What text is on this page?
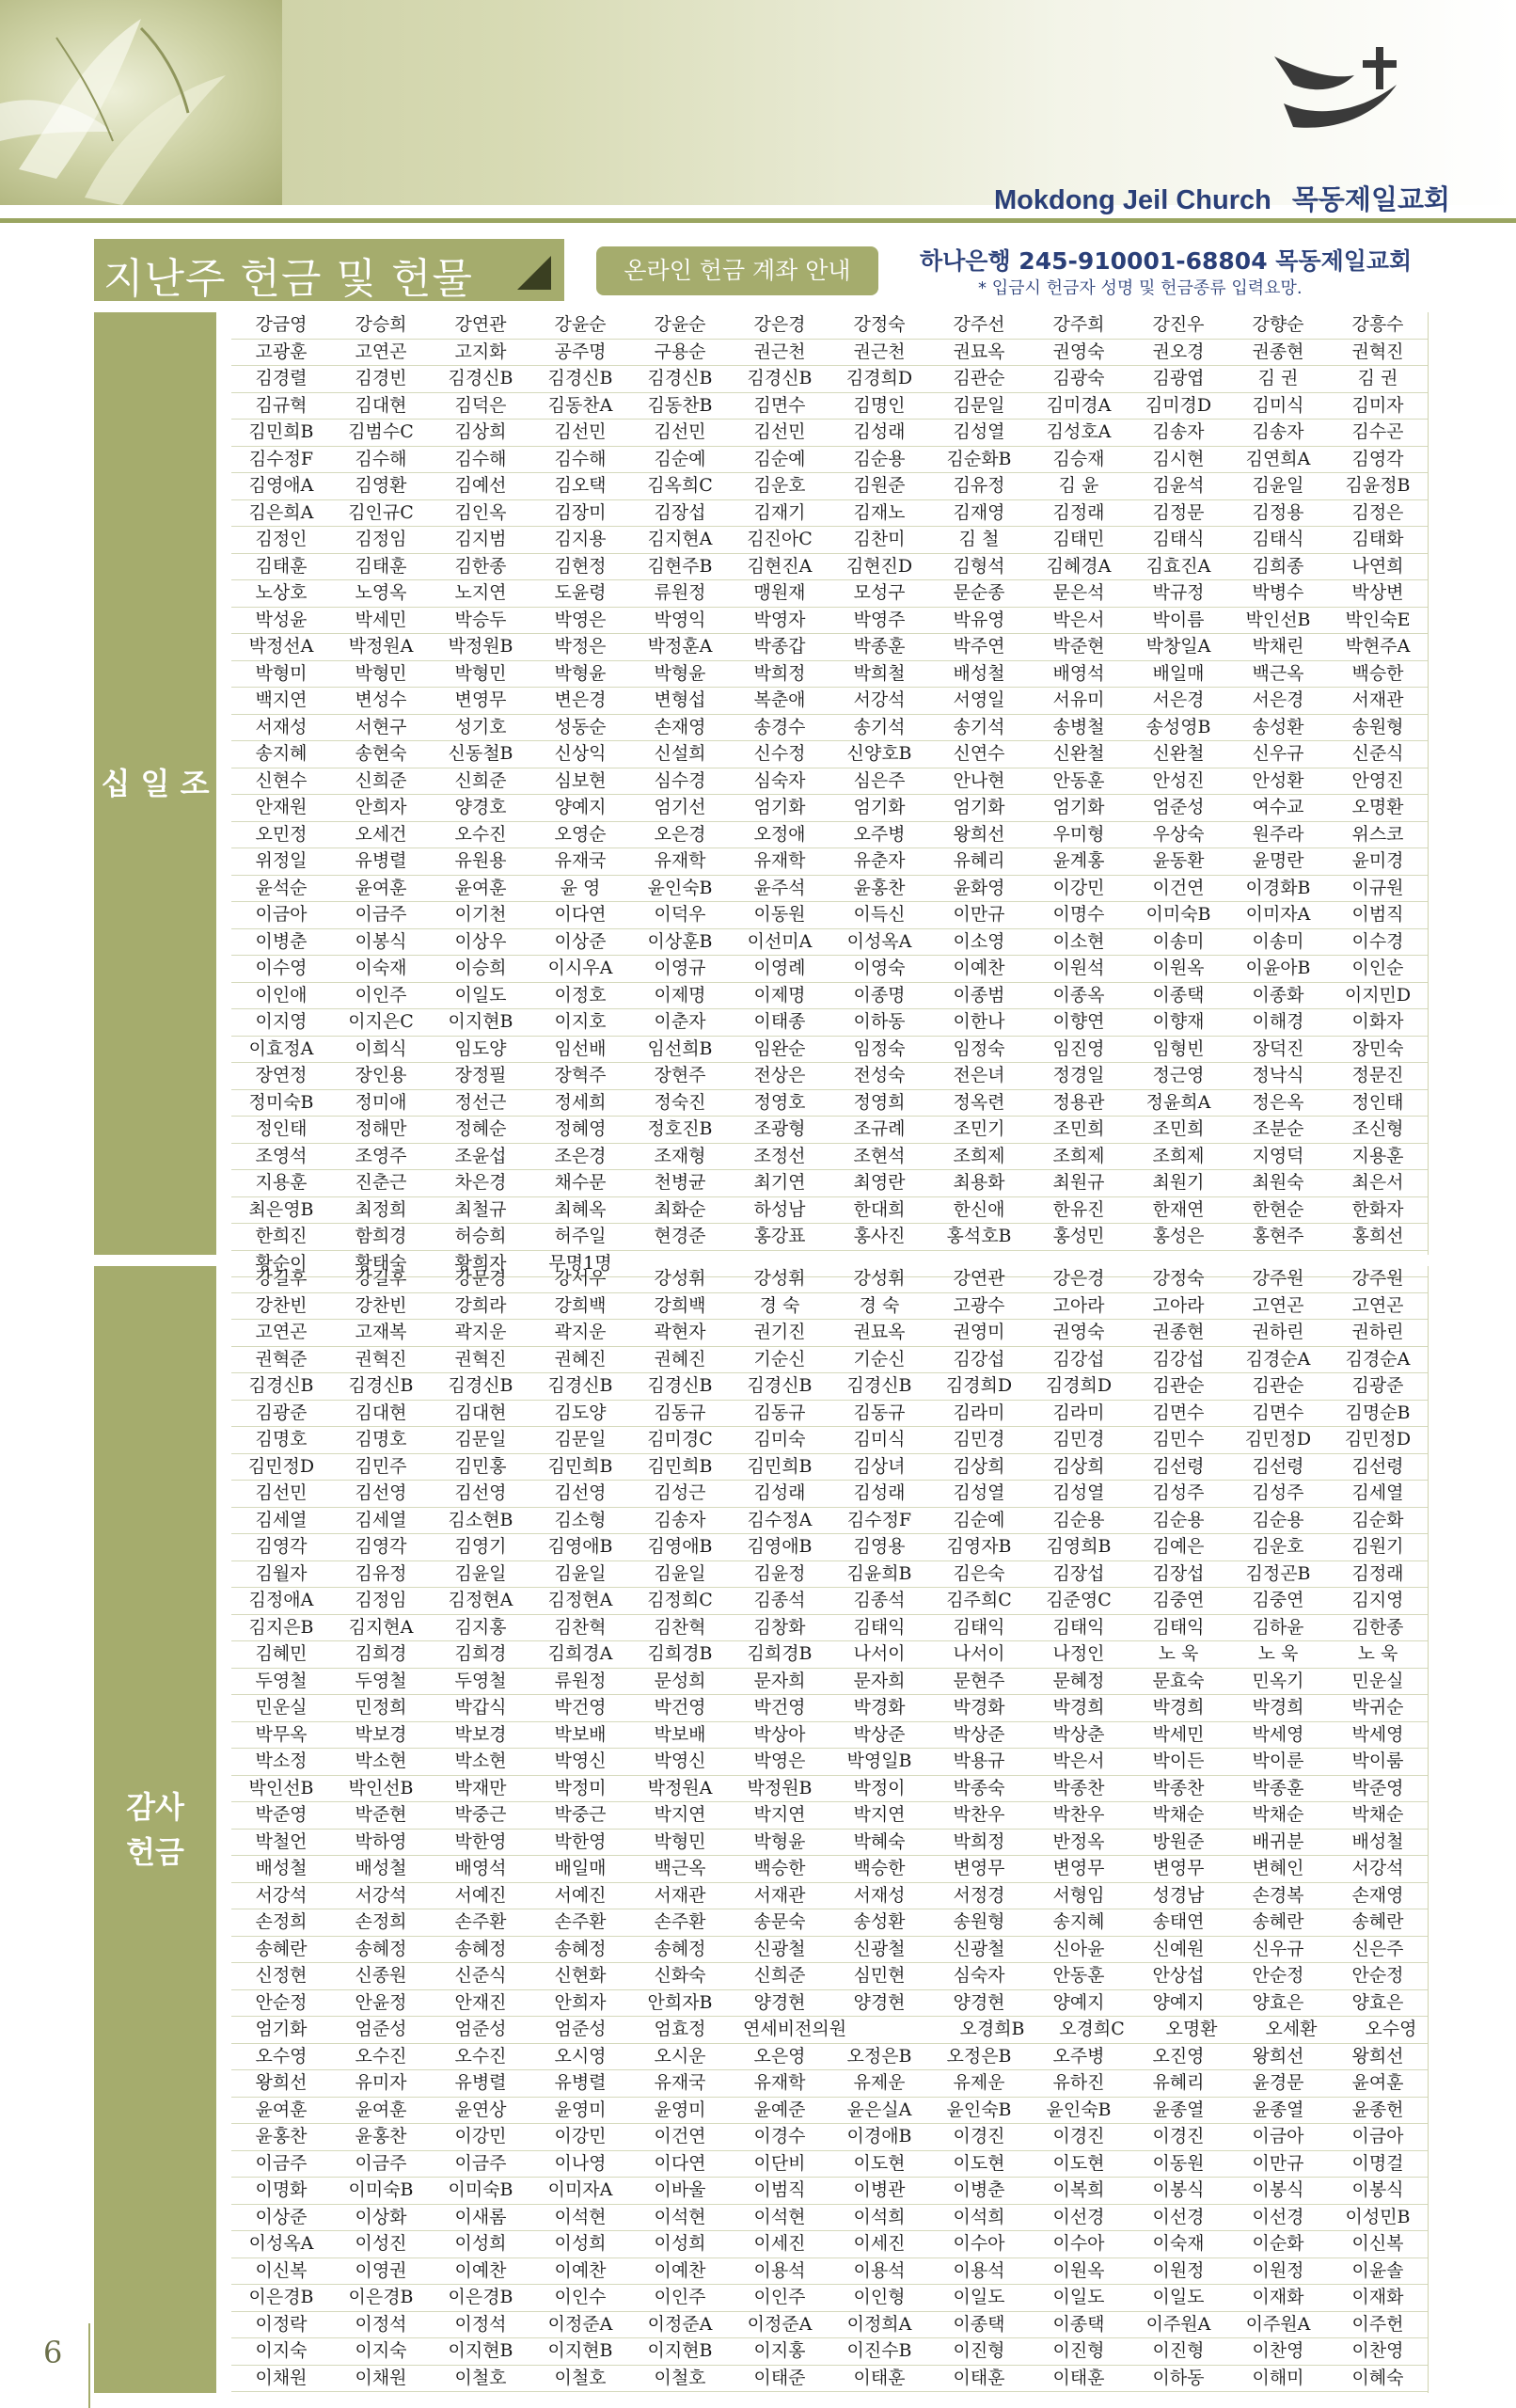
Mokdong Jeil Church 목동제일교회
지난주 헌금 및 헌물	온라인 헌금 계좌 안내	하나은행 245-910001-68804 목동제일교회
* 입금시 헌금자 성명 및 헌금종류 입력요망.
십 일 조
강금영	강승희	강연관	강윤순	강윤순	강은경	강정숙	강주선	강주희	강진우	강향순	강흥수
고광훈	고연곤	고지화	공주명	구용순	권근천	권근천	권묘옥	권영숙	권오경	권종현	권혁진
김경렬	김경빈	김경신B	김경신B	김경신B	김경신B	김경희D	김관순	김광숙	김광엽	김 권	김 권
김규혁	김대현	김덕은	김동찬A	김동찬B	김면수	김명인	김문일	김미경A	김미경D	김미식	김미자
김민희B	김범수C	김상희	김선민	김선민	김선민	김성래	김성열	김성호A	김송자	김송자	김수곤
김수정F	김수해	김수해	김수해	김순예	김순예	김순용	김순화B	김승재	김시현	김연희A	김영각
김영애A	김영환	김예선	김오택	김옥희C	김운호	김원준	김유정	김 윤	김윤석	김윤일	김윤정B
김은희A	김인규C	김인옥	김장미	김장섭	김재기	김재노	김재영	김정래	김정문	김정용	김정은
김정인	김정임	김지범	김지용	김지현A	김진아C	김찬미	김 철	김태민	김태식	김태식	김태화
김태훈	김태훈	김한종	김현정	김현주B	김현진A	김현진D	김형석	김혜경A	김효진A	김희종	나연희
노상호	노영옥	노지연	도윤령	류원정	맹원재	모성구	문순종	문은석	박규정	박병수	박상변
박성윤	박세민	박승두	박영은	박영익	박영자	박영주	박유영	박은서	박이름	박인선B	박인숙E
박정선A	박정원A	박정원B	박정은	박정훈A	박종갑	박종훈	박주연	박준현	박창일A	박채린	박현주A
박형미	박형민	박형민	박형윤	박형윤	박희정	박희철	배성철	배영석	배일매	백근옥	백승한
백지연	변성수	변영무	변은경	변형섭	복춘애	서강석	서영일	서유미	서은경	서은경	서재관
서재성	서현구	성기호	성동순	손재영	송경수	송기석	송기석	송병철	송성영B	송성환	송원형
송지혜	송현숙	신동철B	신상익	신설희	신수정	신양호B	신연수	신완철	신완철	신우규	신준식
신현수	신희준	신희준	심보현	심수경	심숙자	심은주	안나현	안동훈	안성진	안성환	안영진
안재원	안희자	양경호	양예지	엄기선	엄기화	엄기화	엄기화	엄기화	엄준성	여수교	오명환
오민정	오세건	오수진	오영순	오은경	오정애	오주병	왕희선	우미형	우상숙	원주라	위스코
위정일	유병렬	유원용	유재국	유재학	유재학	유춘자	유혜리	윤계홍	윤동환	윤명란	윤미경
윤석순	윤여훈	윤여훈	윤 영	윤인숙B	윤주석	윤홍찬	윤화영	이강민	이건연	이경화B	이규원
이금아	이금주	이기천	이다연	이덕우	이동원	이득신	이만규	이명수	이미숙B	이미자A	이범직
이병춘	이봉식	이상우	이상준	이상훈B	이선미A	이성옥A	이소영	이소현	이송미	이송미	이수경
이수영	이숙재	이승희	이시우A	이영규	이영례	이영숙	이예찬	이원석	이원옥	이윤아B	이인순
이인애	이인주	이일도	이정호	이제명	이제명	이종명	이종범	이종옥	이종택	이종화	이지민D
이지영	이지은C	이지현B	이지호	이춘자	이태종	이하동	이한나	이향연	이향재	이해경	이화자
이효정A	이희식	임도양	임선배	임선희B	임완순	임정숙	임정숙	임진영	임형빈	장덕진	장민숙
장연정	장인용	장정필	장혁주	장현주	전상은	전성숙	전은녀	정경일	정근영	정낙식	정문진
정미숙B	정미애	정선근	정세희	정숙진	정영호	정영희	정옥련	정용관	정윤희A	정은옥	정인태
정인태	정해만	정혜순	정혜영	정호진B	조광형	조규례	조민기	조민희	조민희	조분순	조신형
조영석	조영주	조윤섭	조은경	조재형	조정선	조현석	조희제	조희제	조희제	지영덕	지용훈
지용훈	진춘근	차은경	채수문	천병균	최기연	최영란	최용화	최원규	최원기	최원숙	최은서
최은영B	최정희	최철규	최혜옥	최화순	하성남	한대희	한신애	한유진	한재연	한현순	한화자
한희진	함희경	허승희	허주일	현경준	홍강표	홍사진	홍석호B	홍성민	홍성은	홍현주	홍희선
황순이	황태숙	황희자	무명1명
감사
헌금
강길후	강길후	강문경	강서우	강성휘	강성휘	강성휘	강연관	강은경	강정숙	강주원	강주원
강찬빈	강찬빈	강희라	강희백	강희백	경 숙	경 숙	고광수	고아라	고아라	고연곤	고연곤
고연곤	고재복	곽지운	곽지운	곽현자	권기진	권묘옥	권영미	권영숙	권종현	권하린	권하린
권혁준	권혁진	권혁진	권혜진	권혜진	기순신	기순신	김강섭	김강섭	김강섭	김경순A	김경순A
김경신B	김경신B	김경신B	김경신B	김경신B	김경신B	김경신B	김경희D	김경희D	김관순	김관순	김광준
김광준	김대현	김대현	김도양	김동규	김동규	김동규	김라미	김라미	김면수	김면수	김명순B
김명호	김명호	김문일	김문일	김미경C	김미숙	김미식	김민경	김민경	김민수	김민정D	김민정D
김민정D	김민주	김민홍	김민희B	김민희B	김민희B	김상녀	김상희	김상희	김선령	김선령	김선령
김선민	김선영	김선영	김선영	김성근	김성래	김성래	김성열	김성열	김성주	김성주	김세열
김세열	김세열	김소현B	김소형	김송자	김수정A	김수정F	김순예	김순용	김순용	김순용	김순화
김영각	김영각	김영기	김영애B	김영애B	김영애B	김영용	김영자B	김영희B	김예은	김운호	김원기
김월자	김유정	김윤일	김윤일	김윤일	김윤정	김윤희B	김은숙	김장섭	김장섭	김정곤B	김정래
김정애A	김정임	김정현A	김정현A	김정희C	김종석	김종석	김주희C	김준영C	김중연	김중연	김지영
김지은B	김지현A	김지홍	김찬혁	김찬혁	김창화	김태익	김태익	김태익	김태익	김하윤	김한종
김혜민	김희경	김희경	김희경A	김희경B	김희경B	나서이	나서이	나정인	노 욱	노 욱	노 욱
두영철	두영철	두영철	류원정	문성희	문자희	문자희	문현주	문혜정	문효숙	민옥기	민운실
민운실	민정희	박갑식	박건영	박건영	박건영	박경화	박경화	박경희	박경희	박경희	박귀순
박무옥	박보경	박보경	박보배	박보배	박상아	박상준	박상준	박상춘	박세민	박세영	박세영
박소정	박소현	박소현	박영신	박영신	박영은	박영일B	박용규	박은서	박이든	박이룬	박이룸
박인선B	박인선B	박재만	박정미	박정원A	박정원B	박정이	박종숙	박종찬	박종찬	박종훈	박준영
박준영	박준현	박중근	박중근	박지연	박지연	박지연	박찬우	박찬우	박채순	박채순	박채순
박철언	박하영	박한영	박한영	박형민	박형윤	박혜숙	박희정	반정옥	방원준	배귀분	배성철
배성철	배성철	배영석	배일매	백근옥	백승한	백승한	변영무	변영무	변영무	변혜인	서강석
서강석	서강석	서예진	서예진	서재관	서재관	서재성	서정경	서형임	성경남	손경복	손재영
손정희	손정희	손주환	손주환	손주환	송문숙	송성환	송원형	송지혜	송태연	송혜란	송혜란
송혜란	송혜정	송혜정	송혜정	송혜정	신광철	신광철	신광철	신아윤	신예원	신우규	신은주
신정현	신종원	신준식	신현화	신화숙	신희준	심민현	심숙자	안동훈	안상섭	안순정	안순정
안순정	안윤정	안재진	안희자	안희자B	양경현	양경현	양경현	양예지	양예지	양효은	양효은
엄기화	엄준성	엄준성	엄준성	엄효정	연세비전의원	오경희B	오경희C	오명환	오세환	오수영
오수영	오수진	오수진	오시영	오시운	오은영	오정은B	오정은B	오주병	오진영	왕희선	왕희선
왕희선	유미자	유병렬	유병렬	유재국	유재학	유제운	유제운	유하진	유혜리	윤경문	윤여훈
윤여훈	윤여훈	윤연상	윤영미	윤영미	윤예준	윤은실A	윤인숙B	윤인숙B	윤종열	윤종열	윤종헌
윤홍찬	윤홍찬	이강민	이강민	이건연	이경수	이경애B	이경진	이경진	이경진	이금아	이금아
이금주	이금주	이금주	이나영	이다연	이단비	이도현	이도현	이도현	이동원	이만규	이명걸
이명화	이미숙B	이미숙B	이미자A	이바울	이범직	이병관	이병춘	이복희	이봉식	이봉식	이봉식
이상준	이상화	이새롬	이석현	이석현	이석현	이석희	이석희	이선경	이선경	이선경	이성민B
이성옥A	이성진	이성희	이성희	이성희	이세진	이세진	이수아	이수아	이숙재	이순화	이신복
이신복	이영권	이예찬	이예찬	이예찬	이용석	이용석	이용석	이원옥	이원정	이원정	이윤솔
이은경B	이은경B	이은경B	이인수	이인주	이인주	이인형	이일도	이일도	이일도	이재화	이재화
이정락	이정석	이정석	이정준A	이정준A	이정준A	이정희A	이종택	이종택	이주원A	이주원A	이주헌
이지숙	이지숙	이지현B	이지현B	이지현B	이지홍	이진수B	이진형	이진형	이진형	이찬영	이찬영
이채원	이채원	이철호	이철호	이철호	이태준	이태훈	이태훈	이태훈	이하동	이해미	이혜숙
6
